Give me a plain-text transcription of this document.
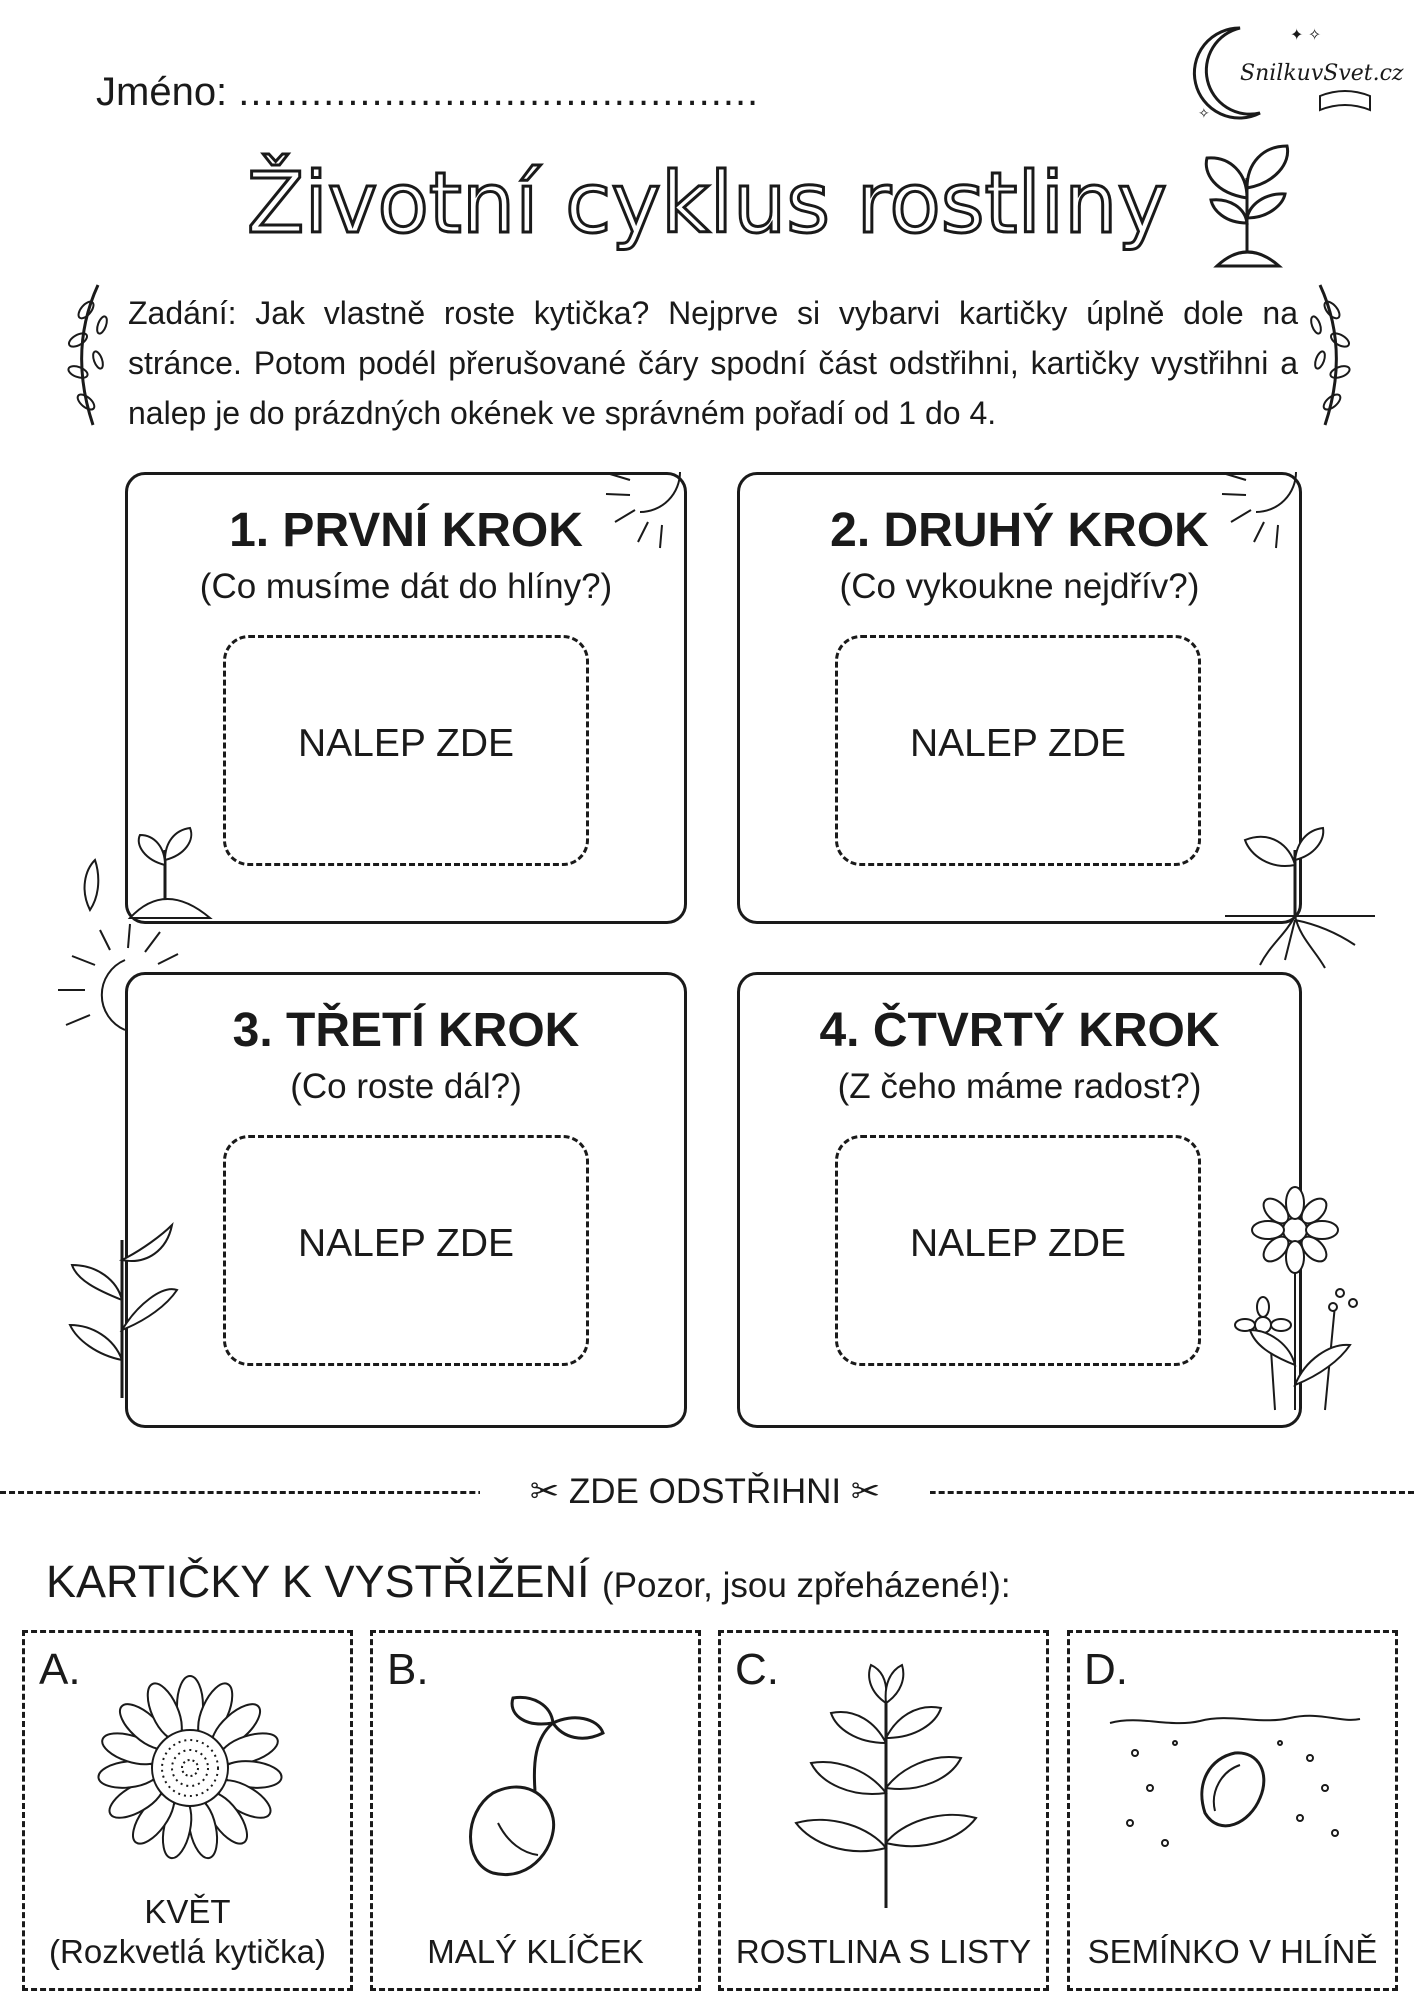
Jméno: ...........................................	SnilkuvSvet.cz
✦ ✧
✧
Životní cyklus rostliny
Zadání: Jak vlastně roste kytička? Nejprve si vybarvi kartičky úplně dole na stránce. Potom podél přerušované čáry spodní část odstřihni, kartičky vystřihni a nalep je do prázdných okének ve správném pořadí od 1 do 4.
1. PRVNÍ KROK
(Co musíme dát do hlíny?)
NALEP ZDE
2. DRUHÝ KROK
(Co vykoukne nejdřív?)
NALEP ZDE
3. TŘETÍ KROK
(Co roste dál?)
NALEP ZDE
4. ČTVRTÝ KROK
(Z čeho máme radost?)
NALEP ZDE
✂ ZDE ODSTŘIHNI ✂
KARTIČKY K VYSTŘIŽENÍ (Pozor, jsou zpřeházené!):
A.
KVĚT
(Rozkvetlá kytička)
B.
MALÝ KLÍČEK
C.
ROSTLINA S LISTY
D.
SEMÍNKO V HLÍNĚ
